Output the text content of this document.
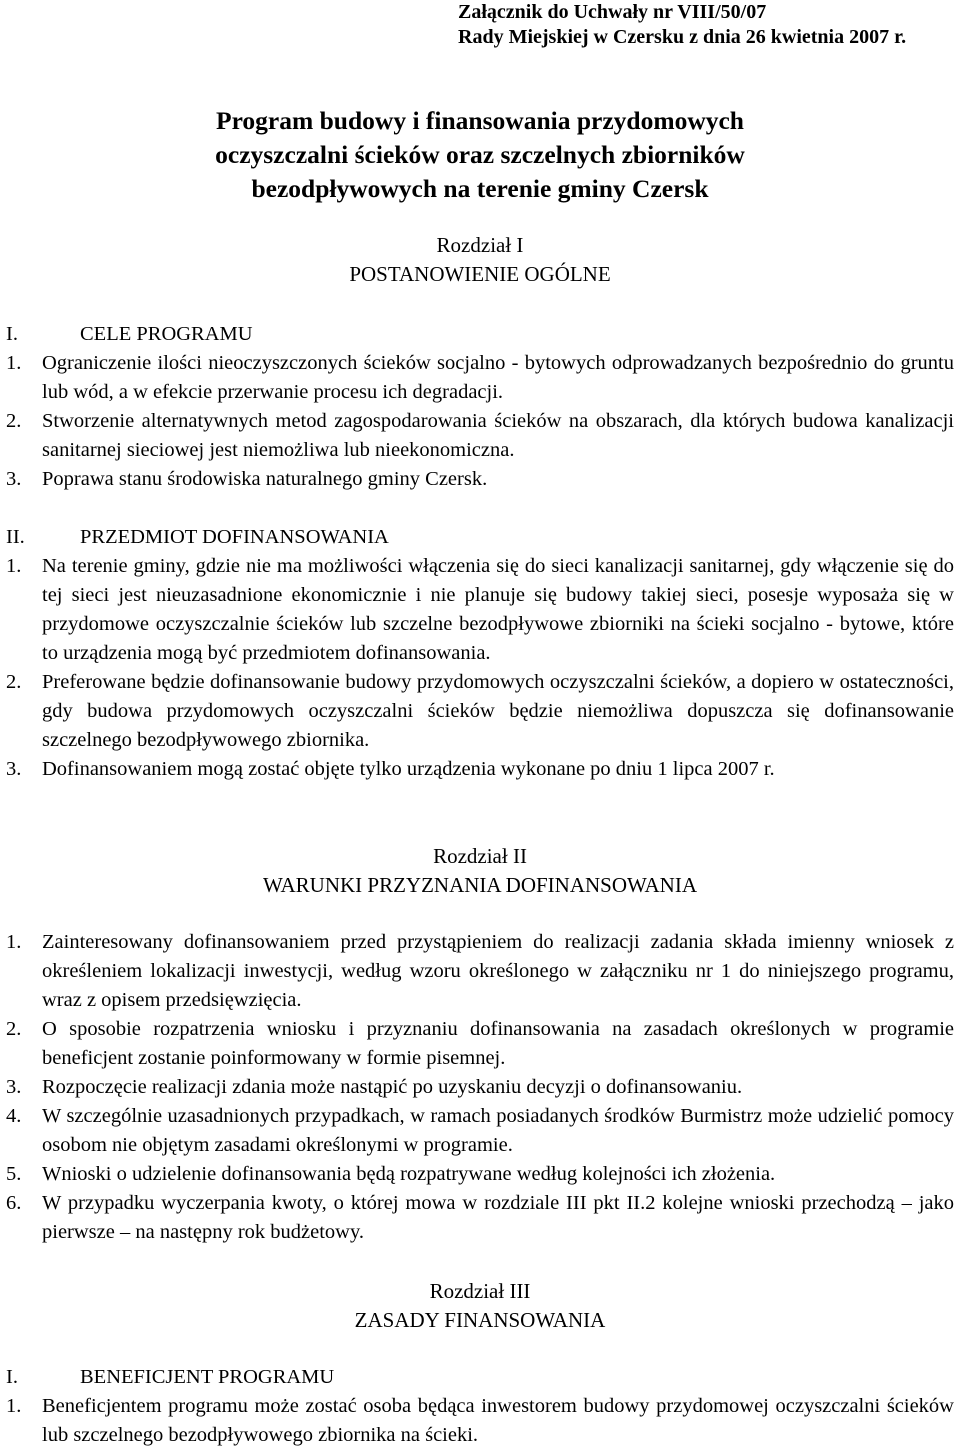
Załącznik do Uchwały nr VIII/50/07
Rady Miejskiej w Czersku z dnia 26 kwietnia 2007 r.
Program budowy i finansowania przydomowych
oczyszczalni ścieków oraz szczelnych zbiorników
bezodpływowych na terenie gminy Czersk
Rozdział I
POSTANOWIENIE OGÓLNE
I.	CELE PROGRAMU
1.	Ograniczenie ilości nieoczyszczonych ścieków socjalno - bytowych odprowadzanych bezpośrednio do gruntu lub wód, a w efekcie przerwanie procesu ich degradacji.
2.	Stworzenie alternatywnych metod zagospodarowania ścieków na obszarach, dla których budowa kanalizacji sanitarnej sieciowej jest niemożliwa lub nieekonomiczna.
3.	Poprawa stanu środowiska naturalnego gminy Czersk.
II.	PRZEDMIOT DOFINANSOWANIA
1.	Na terenie gminy, gdzie nie ma możliwości włączenia się do sieci kanalizacji sanitarnej, gdy włączenie się do tej sieci jest nieuzasadnione ekonomicznie i nie planuje się budowy takiej sieci, posesje wyposaża się w przydomowe oczyszczalnie ścieków lub szczelne bezodpływowe zbiorniki na ścieki socjalno - bytowe, które to urządzenia mogą być przedmiotem dofinansowania.
2.	Preferowane będzie dofinansowanie budowy przydomowych oczyszczalni ścieków, a dopiero w ostateczności, gdy budowa przydomowych oczyszczalni ścieków będzie niemożliwa dopuszcza się dofinansowanie szczelnego bezodpływowego zbiornika.
3.	Dofinansowaniem mogą zostać objęte tylko urządzenia wykonane po dniu 1 lipca 2007 r.
Rozdział II
WARUNKI PRZYZNANIA DOFINANSOWANIA
1.	Zainteresowany dofinansowaniem przed przystąpieniem do realizacji zadania składa imienny wniosek z określeniem lokalizacji inwestycji, według wzoru określonego w załączniku nr 1 do niniejszego programu, wraz z opisem przedsięwzięcia.
2.	O sposobie rozpatrzenia wniosku i przyznaniu dofinansowania na zasadach określonych w programie beneficjent zostanie poinformowany w formie pisemnej.
3.	Rozpoczęcie realizacji zdania może nastąpić po uzyskaniu decyzji o dofinansowaniu.
4.	W szczególnie uzasadnionych przypadkach, w ramach posiadanych środków Burmistrz może udzielić pomocy osobom nie objętym zasadami określonymi w programie.
5.	Wnioski o udzielenie dofinansowania będą rozpatrywane według kolejności ich złożenia.
6.	W przypadku wyczerpania kwoty, o której mowa w rozdziale III pkt II.2 kolejne wnioski przechodzą – jako pierwsze – na następny rok budżetowy.
Rozdział III
ZASADY FINANSOWANIA
I.	BENEFICJENT PROGRAMU
1.	Beneficjentem programu może zostać osoba będąca inwestorem budowy przydomowej oczyszczalni ścieków lub szczelnego bezodpływowego zbiornika na ścieki.
